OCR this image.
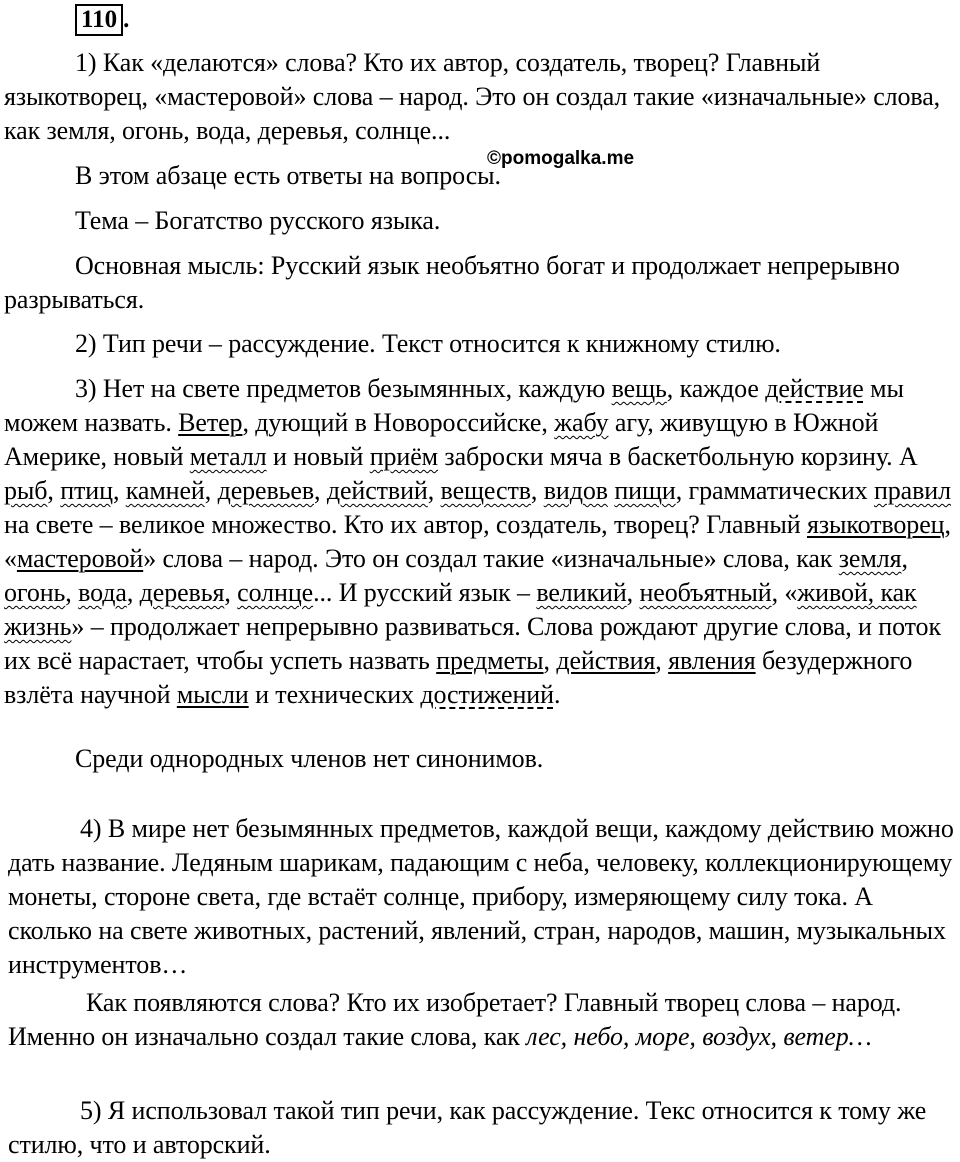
110 .

1) Как «делаются» слова? Кто их автор, создатель, творец? Главный языкотворец, «мастеровой» слова – народ. Это он создал такие «изначальные» слова, как земля, огонь, вода, деревья, солнце...

©pomogalka.me

В этом абзаце есть ответы на вопросы.

Тема – Богатство русского языка.

Основная мысль: Русский язык необъятно богат и продолжает непрерывно разрываться.

2) Тип речи – рассуждение. Текст относится к книжному стилю.

3) Нет на свете предметов безымянных, каждую вещь, каждое действие мы можем назвать. Ветер, дующий в Новороссийске, жабу агу, живущую в Южной Америке, новый металл и новый приём заброски мяча в баскетбольную корзину. А рыб, птиц, камней, деревьев, действий, веществ, видов пищи, грамматических правил на свете – великое множество. Кто их автор, создатель, творец? Главный языкотворец, «мастеровой» слова – народ. Это он создал такие «изначальные» слова, как земля, огонь, вода, деревья, солнце... И русский язык – великий, необъятный, «живой, как жизнь» – продолжает непрерывно развиваться. Слова рождают другие слова, и поток их всё нарастает, чтобы успеть назвать предметы, действия, явления безудержного взлёта научной мысли и технических достижений.

Среди однородных членов нет синонимов.

4) В мире нет безымянных предметов, каждой вещи, каждому действию можно дать название. Ледяным шарикам, падающим с неба, человеку, коллекционирующему монеты, стороне света, где встаёт солнце, прибору, измеряющему силу тока. А сколько на свете животных, растений, явлений, стран, народов, машин, музыкальных инструментов…

Как появляются слова? Кто их изобретает? Главный творец слова – народ. Именно он изначально создал такие слова, как лес, небо, море, воздух, ветер…

5) Я использовал такой тип речи, как рассуждение. Текс относится к тому же стилю, что и авторский.
